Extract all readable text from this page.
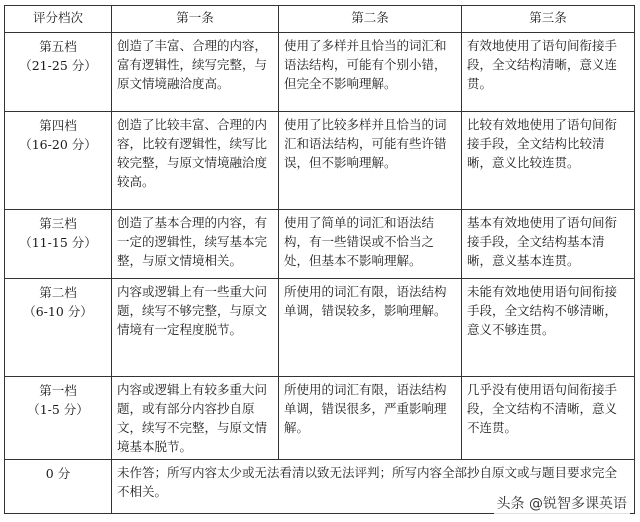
评分档次	第一条	第二条	第三条

第五档
（21-25 分）	创造了丰富、合理的内容，富有逻辑性，续写完整，与原文情境融洽度高。	使用了多样并且恰当的词汇和语法结构，可能有个别小错，但完全不影响理解。	有效地使用了语句间衔接手段，全文结构清晰，意义连贯。

第四档
（16-20 分）	创造了比较丰富、合理的内容，比较有逻辑性，续写比较完整，与原文情境融洽度较高。	使用了比较多样并且恰当的词汇和语法结构，可能有些许错误，但不影响理解。	比较有效地使用了语句间衔接手段，全文结构比较清晰，意义比较连贯。

第三档
（11-15 分）	创造了基本合理的内容，有一定的逻辑性，续写基本完整，与原文情境相关。	使用了简单的词汇和语法结构，有一些错误或不恰当之处，但基本不影响理解。	基本有效地使用了语句间衔接手段，全文结构基本清晰，意义基本连贯。

第二档
（6-10 分）	内容或逻辑上有一些重大问题，续写不够完整，与原文情境有一定程度脱节。	所使用的词汇有限，语法结构单调，错误较多，影响理解。	未能有效地使用语句间衔接手段，全文结构不够清晰，意义不够连贯。

第一档
（1-5 分）	内容或逻辑上有较多重大问题，或有部分内容抄自原文，续写不完整，与原文情境基本脱节。	所使用的词汇有限，语法结构单调，错误很多，严重影响理解。	几乎没有使用语句间衔接手段，全文结构不清晰，意义不连贯。

0 分	未作答；所写内容太少或无法看清以致无法评判；所写内容全部抄自原文或与题目要求完全不相关。		
头条 @锐智多课英语
